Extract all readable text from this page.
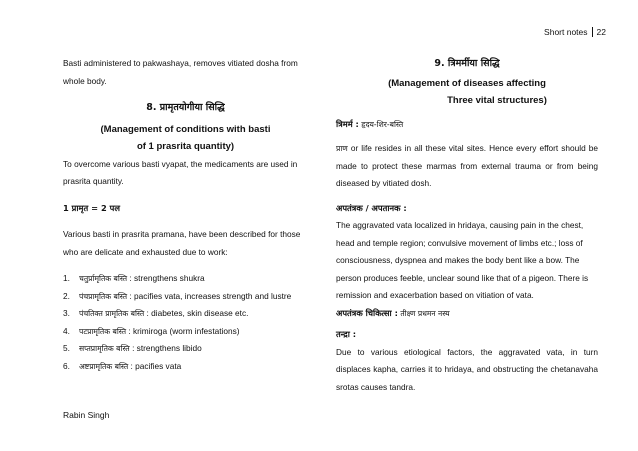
Short notes	22

Basti administered to pakwashaya, removes vitiated dosha from whole body.

8. प्रामृतयोगीया सिद्धि

(Management of conditions with basti

of 1 prasrita quantity)

To overcome various basti vyapat, the medicaments are used in prasrita quantity.

1 प्रामृत = 2 पल

Various basti in prasrita pramana, have been described for those who are delicate and exhausted due to work:

1.	चतुर्प्रामृतिक बस्ति : strengthens shukra
2.	पंचप्रामृतिक बस्ति : pacifies vata, increases strength and lustre
3.	पंचतिक्त प्रामृतिक बस्ति : diabetes, skin disease etc.
4.	पटप्रामृतिक बस्ति : krimiroga (worm infestations)
5.	सप्तप्रामृतिक बस्ति : strengthens libido
6.	अष्टप्रामृतिक बस्ति : pacifies vata

9. त्रिमर्मीया सिद्धि

(Management of diseases affecting

Three vital structures)

त्रिमर्म : हृदय-शिर-बस्ति

प्राण or life resides in all these vital sites. Hence every effort should be made to protect these marmas from external trauma or from being diseased by vitiated dosh.

अपतंत्रक / अपतानक :

The aggravated vata localized in hridaya, causing pain in the chest, head and temple region; convulsive movement of limbs etc.; loss of consciousness, dyspnea and makes the body bent like a bow. The person produces feeble, unclear sound like that of a pigeon. There is remission and exacerbation based on vitiation of vata.

अपतंत्रक चिकित्सा : तीक्ष्ण प्रधमन नस्य

तन्द्रा :

Due to various etiological factors, the aggravated vata, in turn displaces kapha, carries it to hridaya, and obstructing the chetanavaha srotas causes tandra.

Rabin Singh
